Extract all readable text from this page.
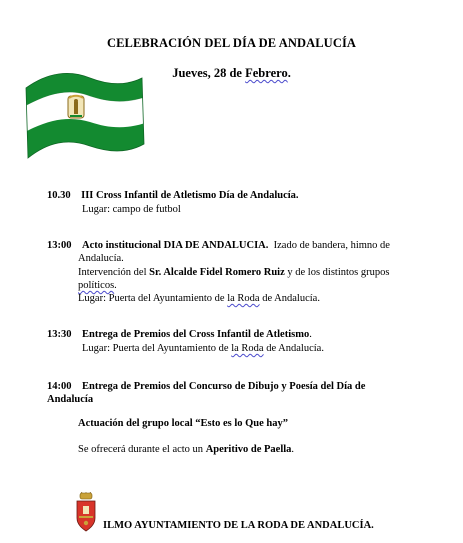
CELEBRACIÓN DEL DÍA DE ANDALUCÍA
Jueves, 28 de Febrero.
10.30 III Cross Infantil de Atletismo Día de Andalucía.
Lugar: campo de futbol
13:00 Acto institucional DIA DE ANDALUCIA. Izado de bandera, himno de
Andalucía.
Intervención del Sr. Alcalde Fidel Romero Ruiz y de los distintos grupos
políticos.
Lugar: Puerta del Ayuntamiento de la Roda de Andalucía.
13:30 Entrega de Premios del Cross Infantil de Atletismo.
Lugar: Puerta del Ayuntamiento de la Roda de Andalucía.
14:00 Entrega de Premios del Concurso de Dibujo y Poesía del Día de
Andalucía
Actuación del grupo local “Esto es lo Que hay”
Se ofrecerá durante el acto un Aperitivo de Paella.
ILMO AYUNTAMIENTO DE LA RODA DE ANDALUCÍA.
